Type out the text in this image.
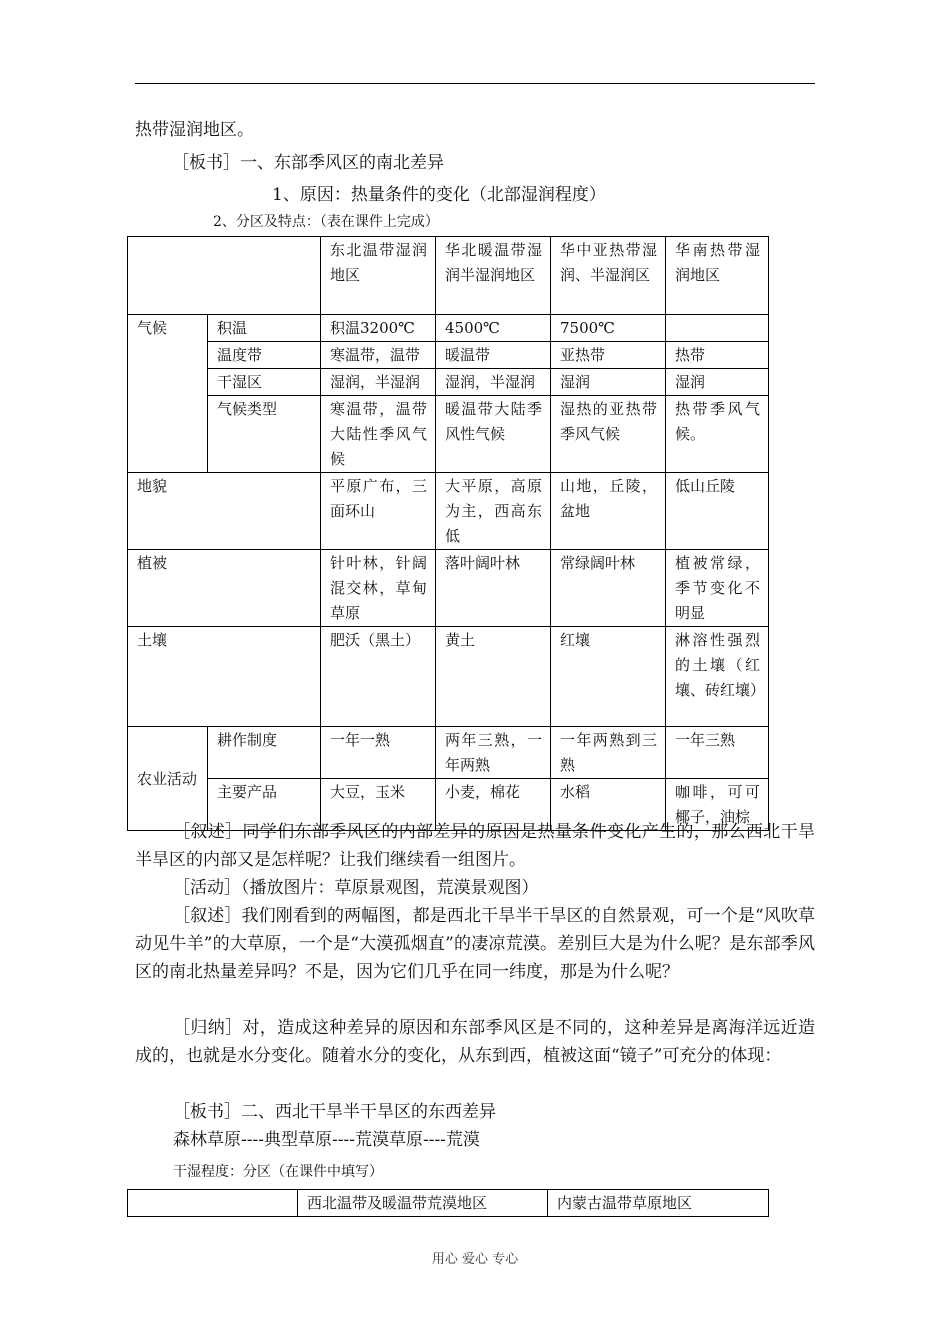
热带湿润地区。
［板书］一、东部季风区的南北差异
1、原因：热量条件的变化（北部湿润程度）
2、分区及特点：（表在课件上完成）
		东北温带湿润地区	华北暖温带湿润半湿润地区	华中亚热带湿润、半湿润区	华南热带湿润地区
气候	积温	积温3200℃	4500℃	7500℃	
	温度带	寒温带，温带	暖温带	亚热带	热带
	干湿区	湿润，半湿润	湿润，半湿润	湿润	湿润
	气候类型	寒温带，温带大陆性季风气候	暖温带大陆季风性气候	湿热的亚热带季风气候	热带季风气候。
地貌		平原广布，三面环山	大平原，高原为主，西高东低	山地，丘陵，盆地	低山丘陵
植被		针叶林，针阔混交林，草甸草原	落叶阔叶林	常绿阔叶林	植被常绿，季节变化不明显
土壤		肥沃（黑土）	黄土	红壤	淋溶性强烈的土壤（红壤、砖红壤）
农业活动	耕作制度	一年一熟	两年三熟，一年两熟	一年两熟到三熟	一年三熟
	主要产品	大豆，玉米	小麦，棉花	水稻	咖啡，可可椰子，油棕
［叙述］同学们东部季风区的内部差异的原因是热量条件变化产生的，那么西北干旱半旱区的内部又是怎样呢？让我们继续看一组图片。
［活动］（播放图片：草原景观图，荒漠景观图）
［叙述］我们刚看到的两幅图，都是西北干旱半干旱区的自然景观，可一个是“风吹草动见牛羊”的大草原，一个是“大漠孤烟直”的凄凉荒漠。差别巨大是为什么呢？是东部季风区的南北热量差异吗？不是，因为它们几乎在同一纬度，那是为什么呢？
［归纳］对，造成这种差异的原因和东部季风区是不同的，这种差异是离海洋远近造成的，也就是水分变化。随着水分的变化，从东到西，植被这面“镜子”可充分的体现：
［板书］二、西北干旱半干旱区的东西差异
森林草原----典型草原----荒漠草原----荒漠
干湿程度：分区（在课件中填写）
	西北温带及暖温带荒漠地区	内蒙古温带草原地区
用心 爱心 专心
